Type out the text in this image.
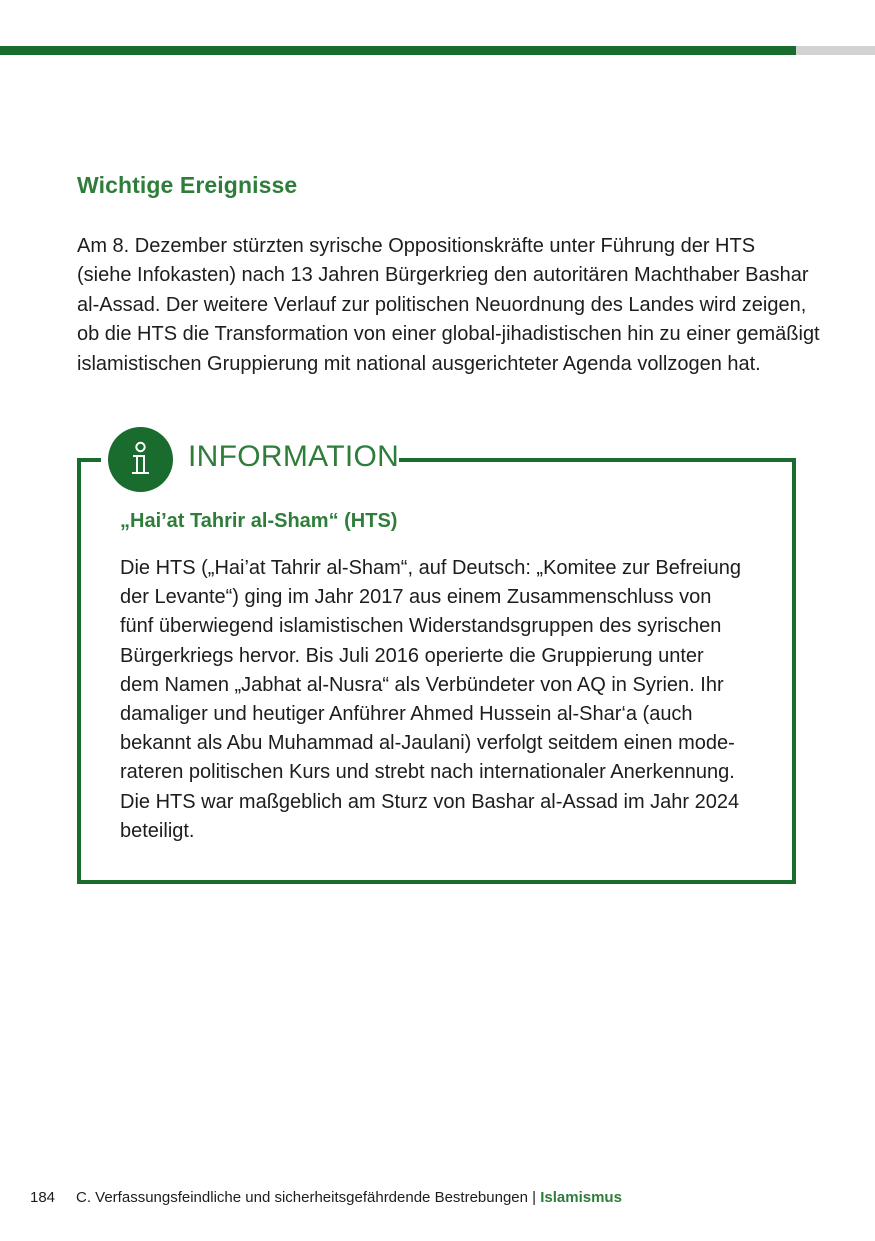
Wichtige Ereignisse
Am 8. Dezember stürzten syrische Oppositionskräfte unter Führung der HTS
(siehe Infokasten) nach 13 Jahren Bürgerkrieg den autoritären Machthaber Bashar
al-Assad. Der weitere Verlauf zur politischen Neuordnung des Landes wird zeigen,
ob die HTS die Transformation von einer global-jihadistischen hin zu einer gemäßigt
islamistischen Gruppierung mit national ausgerichteter Agenda vollzogen hat.
INFORMATION
„Hai’at Tahrir al-Sham“ (HTS)
Die HTS („Hai’at Tahrir al-Sham“, auf Deutsch: „Komitee zur Befreiung
der Levante“) ging im Jahr 2017 aus einem Zusammenschluss von
fünf überwiegend islamistischen Widerstandsgruppen des syrischen
Bürgerkriegs hervor. Bis Juli 2016 operierte die Gruppierung unter
dem Namen „Jabhat al-Nusra“ als Verbündeter von AQ in Syrien. Ihr
damaliger und heutiger Anführer Ahmed Hussein al-Shar‘a (auch
bekannt als Abu Muhammad al-Jaulani) verfolgt seitdem einen mode-
rateren politischen Kurs und strebt nach internationaler Anerkennung.
Die HTS war maßgeblich am Sturz von Bashar al-Assad im Jahr 2024
beteiligt.
184 C. Verfassungsfeindliche und sicherheitsgefährdende Bestrebungen | Islamismus
